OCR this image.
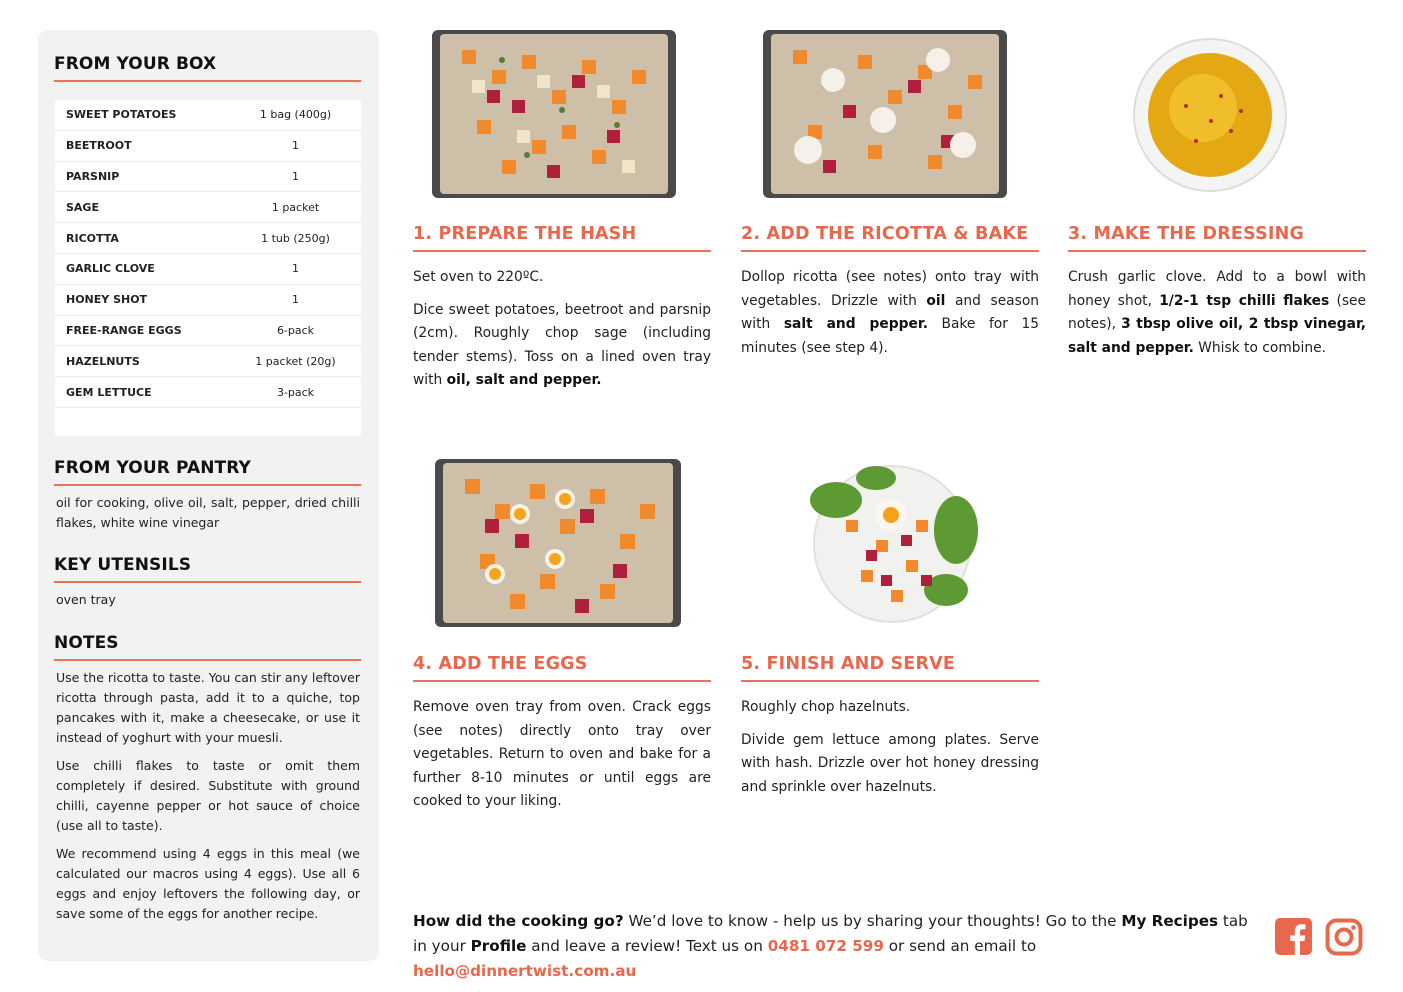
FROM YOUR BOX
SWEET POTATOES	1 bag (400g)
BEETROOT	1
PARSNIP	1
SAGE	1 packet
RICOTTA	1 tub (250g)
GARLIC CLOVE	1
HONEY SHOT	1
FREE-RANGE EGGS	6-pack
HAZELNUTS	1 packet (20g)
GEM LETTUCE	3-pack
FROM YOUR PANTRY
oil for cooking, olive oil, salt, pepper, dried chilli flakes, white wine vinegar
KEY UTENSILS
oven tray
NOTES

Use the ricotta to taste. You can stir any leftover ricotta through pasta, add it to a quiche, top pancakes with it, make a cheesecake, or use it instead of yoghurt with your muesli.

Use chilli flakes to taste or omit them completely if desired. Substitute with ground chilli, cayenne pepper or hot sauce of choice (use all to taste).

We recommend using 4 eggs in this meal (we calculated our macros using 4 eggs). Use all 6 eggs and enjoy leftovers the following day, or save some of the eggs for another recipe.

1. PREPARE THE HASH

Set oven to 220ºC.

Dice sweet potatoes, beetroot and parsnip (2cm). Roughly chop sage (including tender stems). Toss on a lined oven tray with oil, salt and pepper.

2. ADD THE RICOTTA & BAKE

Dollop ricotta (see notes) onto tray with vegetables. Drizzle with oil and season with salt and pepper. Bake for 15 minutes (see step 4).

3. MAKE THE DRESSING

Crush garlic clove. Add to a bowl with honey shot, 1/2-1 tsp chilli flakes (see notes), 3 tbsp olive oil, 2 tbsp vinegar, salt and pepper. Whisk to combine.

4. ADD THE EGGS

Remove oven tray from oven. Crack eggs (see notes) directly onto tray over vegetables. Return to oven and bake for a further 8-10 minutes or until eggs are cooked to your liking.

5. FINISH AND SERVE

Roughly chop hazelnuts.

Divide gem lettuce among plates. Serve with hash. Drizzle over hot honey dressing and sprinkle over hazelnuts.

How did the cooking go? We’d love to know - help us by sharing your thoughts! Go to the My Recipes tab in your Profile and leave a review! Text us on 0481 072 599 or send an email to hello@dinnertwist.com.au
